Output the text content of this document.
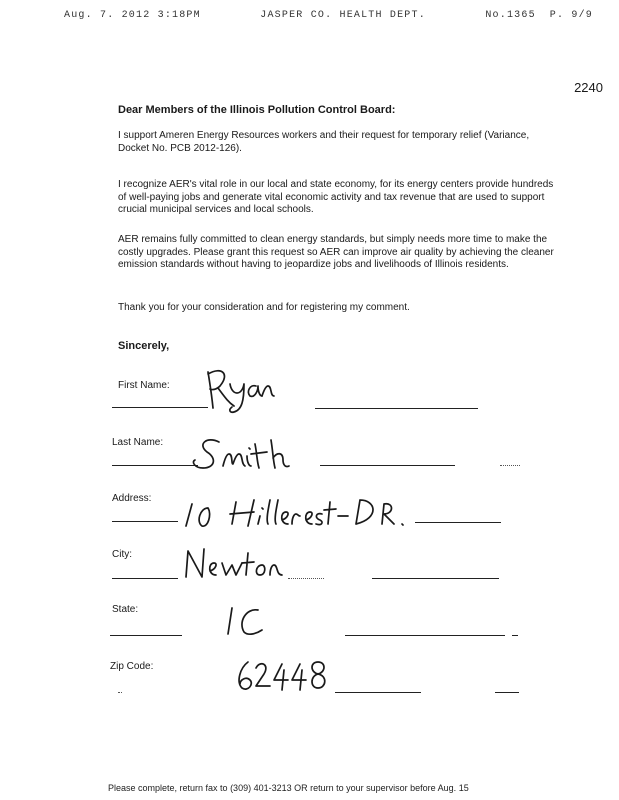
Aug. 7. 2012 3:18PM	JASPER CO. HEALTH DEPT.	No.1365 P. 9/9
2240
Dear Members of the Illinois Pollution Control Board:

I support Ameren Energy Resources workers and their request for temporary relief (Variance, Docket No. PCB 2012-126).

I recognize AER's vital role in our local and state economy, for its energy centers provide hundreds of well-paying jobs and generate vital economic activity and tax revenue that are used to support crucial municipal services and local schools.

AER remains fully committed to clean energy standards, but simply needs more time to make the costly upgrades. Please grant this request so AER can improve air quality by achieving the cleaner emission standards without having to jeopardize jobs and livelihoods of Illinois residents.

Thank you for your consideration and for registering my comment.

Sincerely,
First Name:
Last Name:
Address:
City:
State:
Zip Code:
Please complete, return fax to (309) 401-3213 OR return to your supervisor before Aug. 15
